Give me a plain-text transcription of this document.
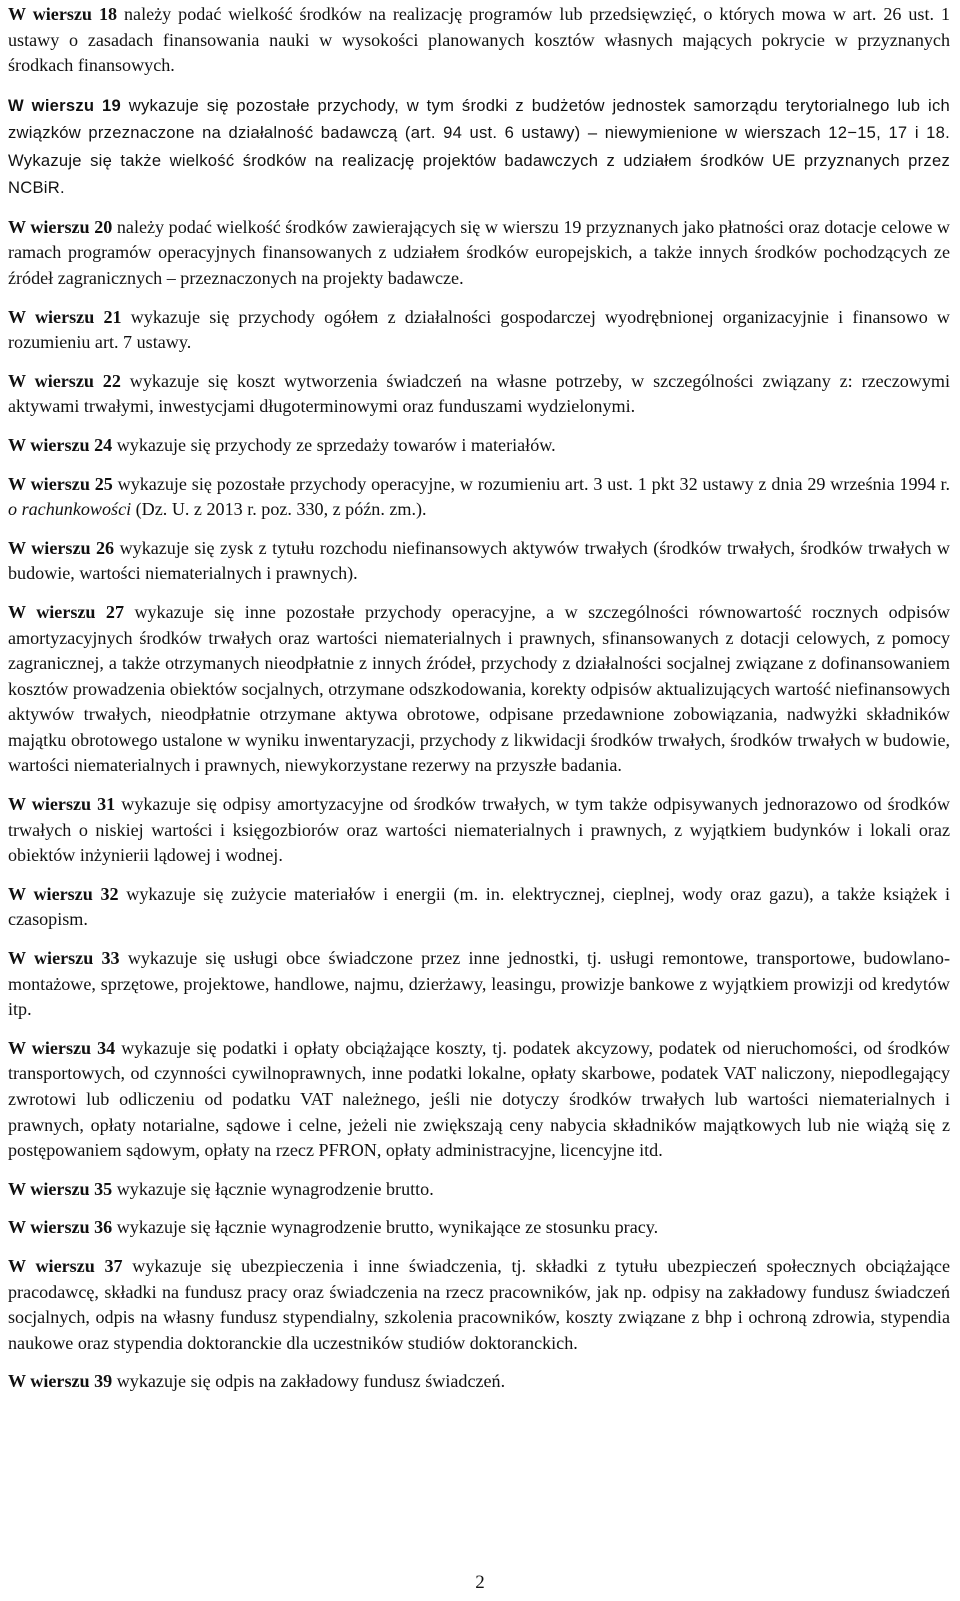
W wierszu 18 należy podać wielkość środków na realizację programów lub przedsięwzięć, o których mowa w art. 26 ust. 1 ustawy o zasadach finansowania nauki w wysokości planowanych kosztów własnych mających pokrycie w przyznanych środkach finansowych.

W wierszu 19 wykazuje się pozostałe przychody, w tym środki z budżetów jednostek samorządu terytorialnego lub ich związków przeznaczone na działalność badawczą (art. 94 ust. 6 ustawy) – niewymienione w wierszach 12−15, 17 i 18. Wykazuje się także wielkość środków na realizację projektów badawczych z udziałem środków UE przyznanych przez NCBiR.

W wierszu 20 należy podać wielkość środków zawierających się w wierszu 19 przyznanych jako płatności oraz dotacje celowe w ramach programów operacyjnych finansowanych z udziałem środków europejskich, a także innych środków pochodzących ze źródeł zagranicznych – przeznaczonych na projekty badawcze.

W wierszu 21 wykazuje się przychody ogółem z działalności gospodarczej wyodrębnionej organizacyjnie i finansowo w rozumieniu art. 7 ustawy.

W wierszu 22 wykazuje się koszt wytworzenia świadczeń na własne potrzeby, w szczególności związany z: rzeczowymi aktywami trwałymi, inwestycjami długoterminowymi oraz funduszami wydzielonymi.

W wierszu 24 wykazuje się przychody ze sprzedaży towarów i materiałów.

W wierszu 25 wykazuje się pozostałe przychody operacyjne, w rozumieniu art. 3 ust. 1 pkt 32 ustawy z dnia 29 września 1994 r. o rachunkowości (Dz. U. z 2013 r. poz. 330, z późn. zm.).

W wierszu 26 wykazuje się zysk z tytułu rozchodu niefinansowych aktywów trwałych (środków trwałych, środków trwałych w budowie, wartości niematerialnych i prawnych).

W wierszu 27 wykazuje się inne pozostałe przychody operacyjne, a w szczególności równowartość rocznych odpisów amortyzacyjnych środków trwałych oraz wartości niematerialnych i prawnych, sfinansowanych z dotacji celowych, z pomocy zagranicznej, a także otrzymanych nieodpłatnie z innych źródeł, przychody z działalności socjalnej związane z dofinansowaniem kosztów prowadzenia obiektów socjalnych, otrzymane odszkodowania, korekty odpisów aktualizujących wartość niefinansowych aktywów trwałych, nieodpłatnie otrzymane aktywa obrotowe, odpisane przedawnione zobowiązania, nadwyżki składników majątku obrotowego ustalone w wyniku inwentaryzacji, przychody z likwidacji środków trwałych, środków trwałych w budowie, wartości niematerialnych i prawnych, niewykorzystane rezerwy na przyszłe badania.

W wierszu 31 wykazuje się odpisy amortyzacyjne od środków trwałych, w tym także odpisywanych jednorazowo od środków trwałych o niskiej wartości i księgozbiorów oraz wartości niematerialnych i prawnych, z wyjątkiem budynków i lokali oraz obiektów inżynierii lądowej i wodnej.

W wierszu 32 wykazuje się zużycie materiałów i energii (m. in. elektrycznej, cieplnej, wody oraz gazu), a także książek i czasopism.

W wierszu 33 wykazuje się usługi obce świadczone przez inne jednostki, tj. usługi remontowe, transportowe, budowlano-montażowe, sprzętowe, projektowe, handlowe, najmu, dzierżawy, leasingu, prowizje bankowe z wyjątkiem prowizji od kredytów itp.

W wierszu 34 wykazuje się podatki i opłaty obciążające koszty, tj. podatek akcyzowy, podatek od nieruchomości, od środków transportowych, od czynności cywilnoprawnych, inne podatki lokalne, opłaty skarbowe, podatek VAT naliczony, niepodlegający zwrotowi lub odliczeniu od podatku VAT należnego, jeśli nie dotyczy środków trwałych lub wartości niematerialnych i prawnych, opłaty notarialne, sądowe i celne, jeżeli nie zwiększają ceny nabycia składników majątkowych lub nie wiążą się z postępowaniem sądowym, opłaty na rzecz PFRON, opłaty administracyjne, licencyjne itd.

W wierszu 35 wykazuje się łącznie wynagrodzenie brutto.

W wierszu 36 wykazuje się łącznie wynagrodzenie brutto, wynikające ze stosunku pracy.

W wierszu 37 wykazuje się ubezpieczenia i inne świadczenia, tj. składki z tytułu ubezpieczeń społecznych obciążające pracodawcę, składki na fundusz pracy oraz świadczenia na rzecz pracowników, jak np. odpisy na zakładowy fundusz świadczeń socjalnych, odpis na własny fundusz stypendialny, szkolenia pracowników, koszty związane z bhp i ochroną zdrowia, stypendia naukowe oraz stypendia doktoranckie dla uczestników studiów doktoranckich.

W wierszu 39 wykazuje się odpis na zakładowy fundusz świadczeń.

2
